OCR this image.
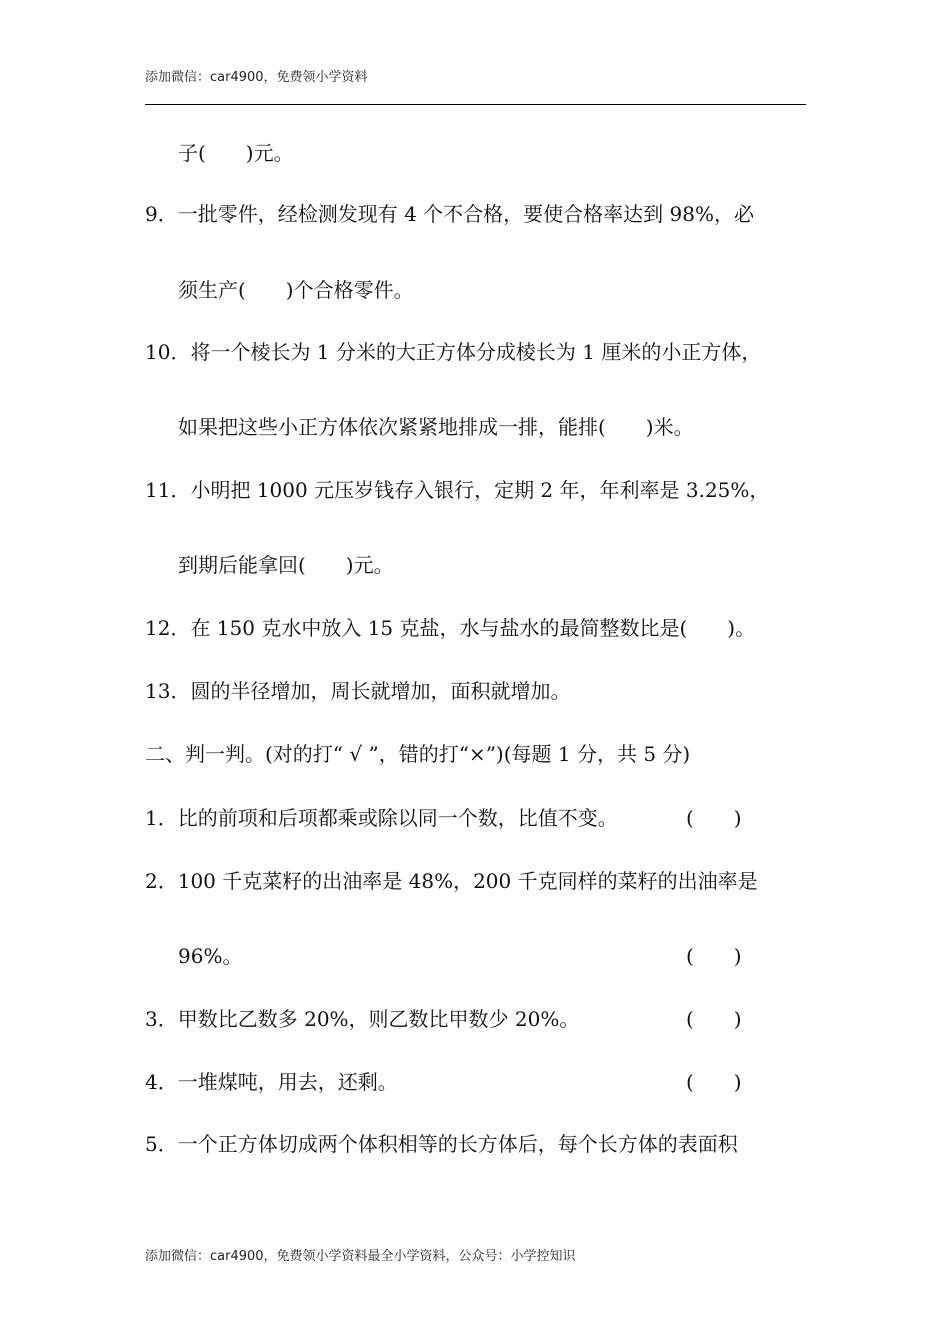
添加微信：car4900，免费领小学资料
子(　　)元。
9．一批零件，经检测发现有 4 个不合格，要使合格率达到 98%，必
须生产(　　)个合格零件。
10．将一个棱长为 1 分米的大正方体分成棱长为 1 厘米的小正方体，
如果把这些小正方体依次紧紧地排成一排，能排(　　)米。
11．小明把 1000 元压岁钱存入银行，定期 2 年，年利率是 3.25%，
到期后能拿回(　　)元。
12．在 150 克水中放入 15 克盐，水与盐水的最简整数比是(　　)。
13．圆的半径增加，周长就增加，面积就增加。
二、判一判。(对的打“ √ ”，错的打“×”)(每题 1 分，共 5 分)
1．比的前项和后项都乘或除以同一个数，比值不变。	(　　)
2．100 千克菜籽的出油率是 48%，200 千克同样的菜籽的出油率是
96%。	(　　)
3．甲数比乙数多 20%，则乙数比甲数少 20%。	(　　)
4．一堆煤吨，用去，还剩。	(　　)
5．一个正方体切成两个体积相等的长方体后，每个长方体的表面积
添加微信：car4900，免费领小学资料最全小学资料，公众号：小学控知识
